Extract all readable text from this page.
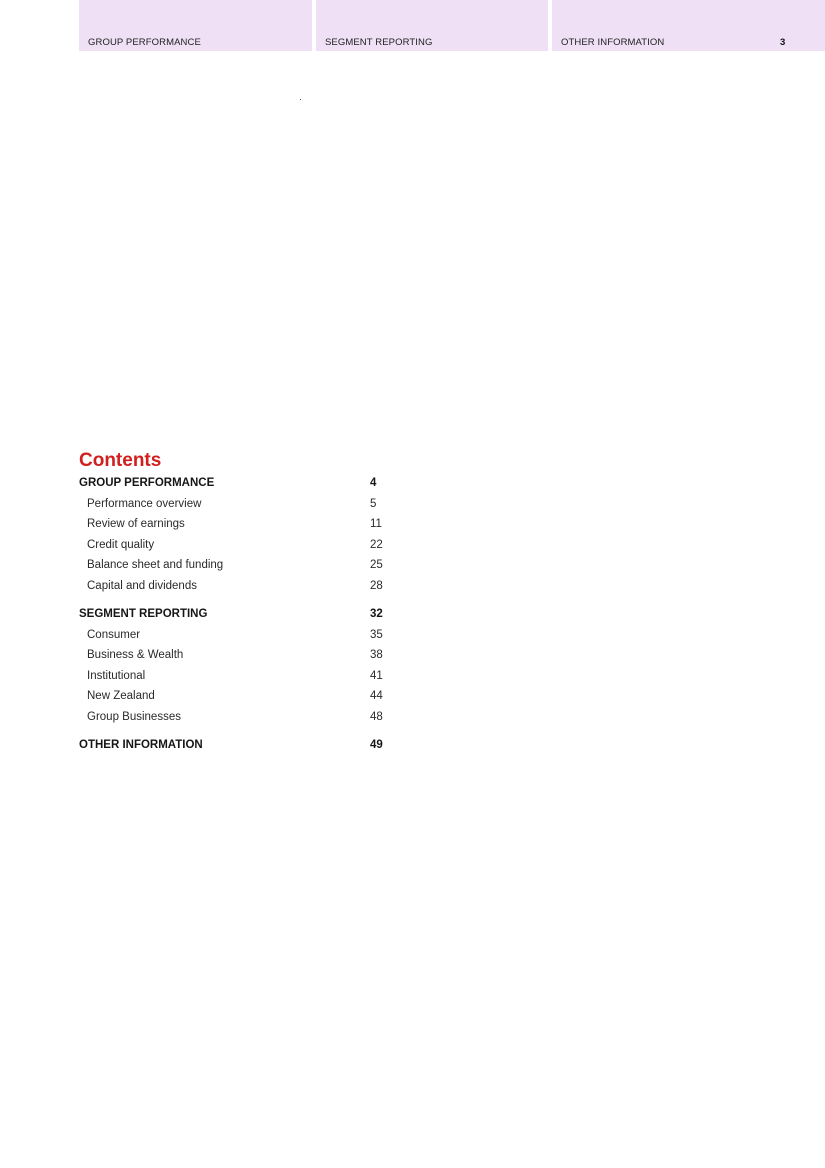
GROUP PERFORMANCE	SEGMENT REPORTING	OTHER INFORMATION	3
Contents
GROUP PERFORMANCE	4
Performance overview	5
Review of earnings	11
Credit quality	22
Balance sheet and funding	25
Capital and dividends	28
SEGMENT REPORTING	32
Consumer	35
Business & Wealth	38
Institutional	41
New Zealand	44
Group Businesses	48
OTHER INFORMATION	49
